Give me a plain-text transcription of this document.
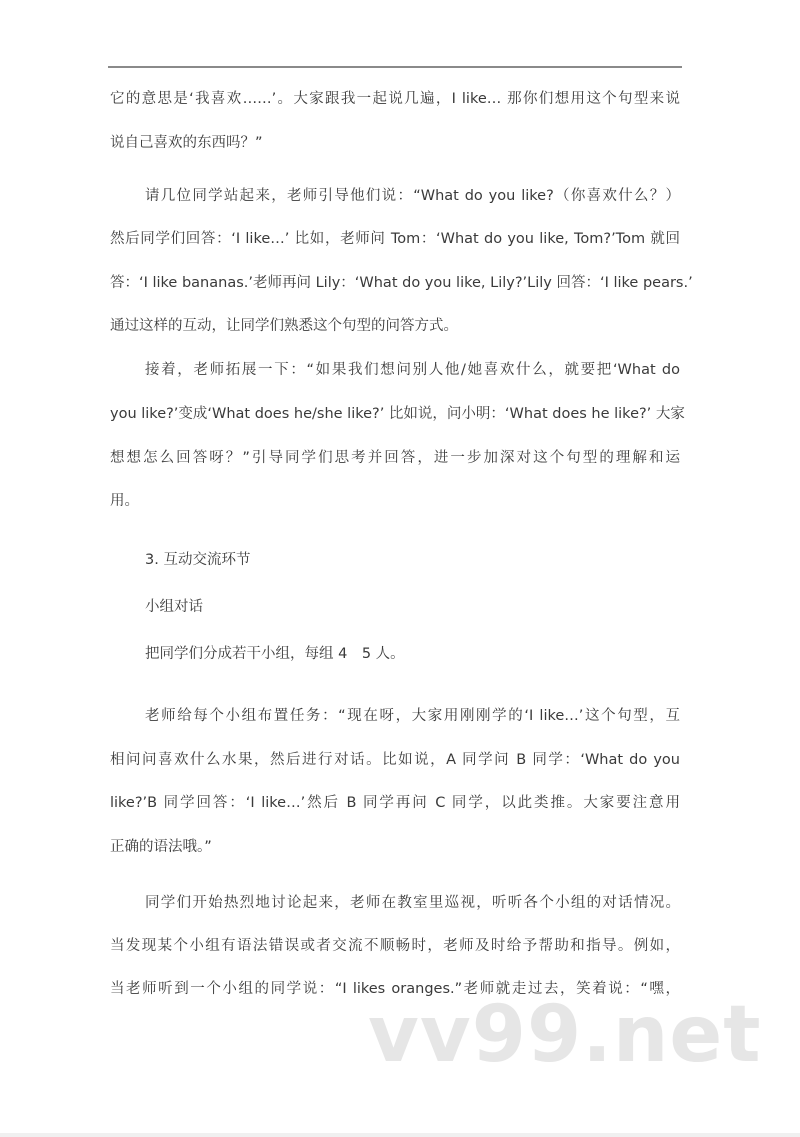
它的意思是‘我喜欢……’。大家跟我一起说几遍，I like… 那你们想用这个句型来说
说自己喜欢的东西吗？”
请几位同学站起来，老师引导他们说：“What do you like?（你喜欢什么？）
然后同学们回答：‘I like…’ 比如，老师问 Tom：‘What do you like, Tom?’Tom 就回
答：‘I like bananas.’老师再问 Lily：‘What do you like, Lily?’Lily 回答：‘I like pears.’
通过这样的互动，让同学们熟悉这个句型的问答方式。
接着，老师拓展一下：“如果我们想问别人他/她喜欢什么，就要把‘What do
you like?’变成‘What does he/she like?’ 比如说，问小明：‘What does he like?’ 大家
想想怎么回答呀？”引导同学们思考并回答，进一步加深对这个句型的理解和运
用。
3. 互动交流环节
小组对话
把同学们分成若干小组，每组 4　5 人。
老师给每个小组布置任务：“现在呀，大家用刚刚学的‘I like…’这个句型，互
相问问喜欢什么水果，然后进行对话。比如说，A 同学问 B 同学：‘What do you
like?’B 同学回答：‘I like…’然后 B 同学再问 C 同学，以此类推。大家要注意用
正确的语法哦。”
同学们开始热烈地讨论起来，老师在教室里巡视，听听各个小组的对话情况。
当发现某个小组有语法错误或者交流不顺畅时，老师及时给予帮助和指导。例如，
当老师听到一个小组的同学说：“I likes oranges.”老师就走过去，笑着说：“嘿，
vv99.net
